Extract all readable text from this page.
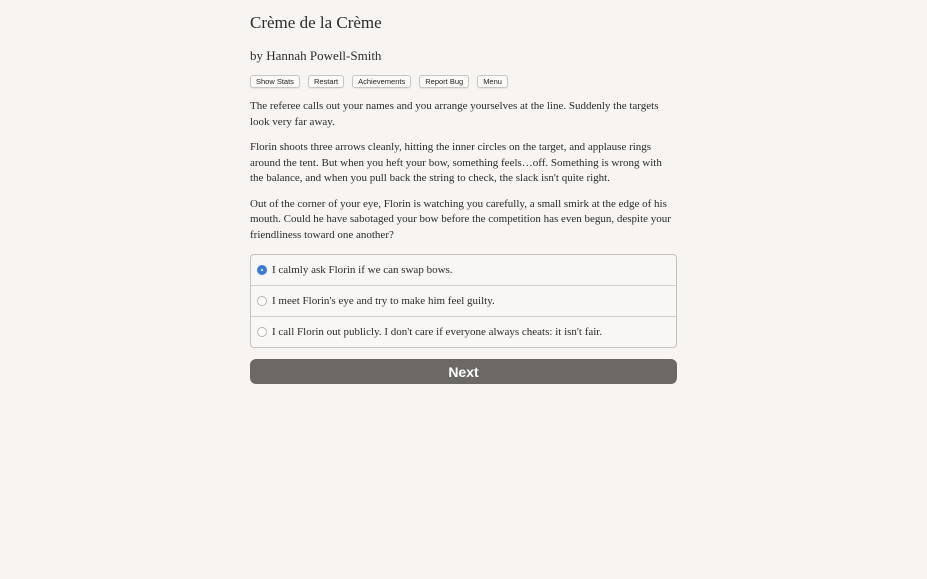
Crème de la Crème
by Hannah Powell-Smith
Show Stats	Restart	Achievements	Report Bug	Menu

The referee calls out your names and you arrange yourselves at the line. Suddenly the targets look very far away.

Florin shoots three arrows cleanly, hitting the inner circles on the target, and applause rings around the tent. But when you heft your bow, something feels…off. Something is wrong with the balance, and when you pull back the string to check, the slack isn't quite right.

Out of the corner of your eye, Florin is watching you carefully, a small smirk at the edge of his mouth. Could he have sabotaged your bow before the competition has even begun, despite your friendliness toward one another?

I calmly ask Florin if we can swap bows.
I meet Florin's eye and try to make him feel guilty.
I call Florin out publicly. I don't care if everyone always cheats: it isn't fair.
Next
